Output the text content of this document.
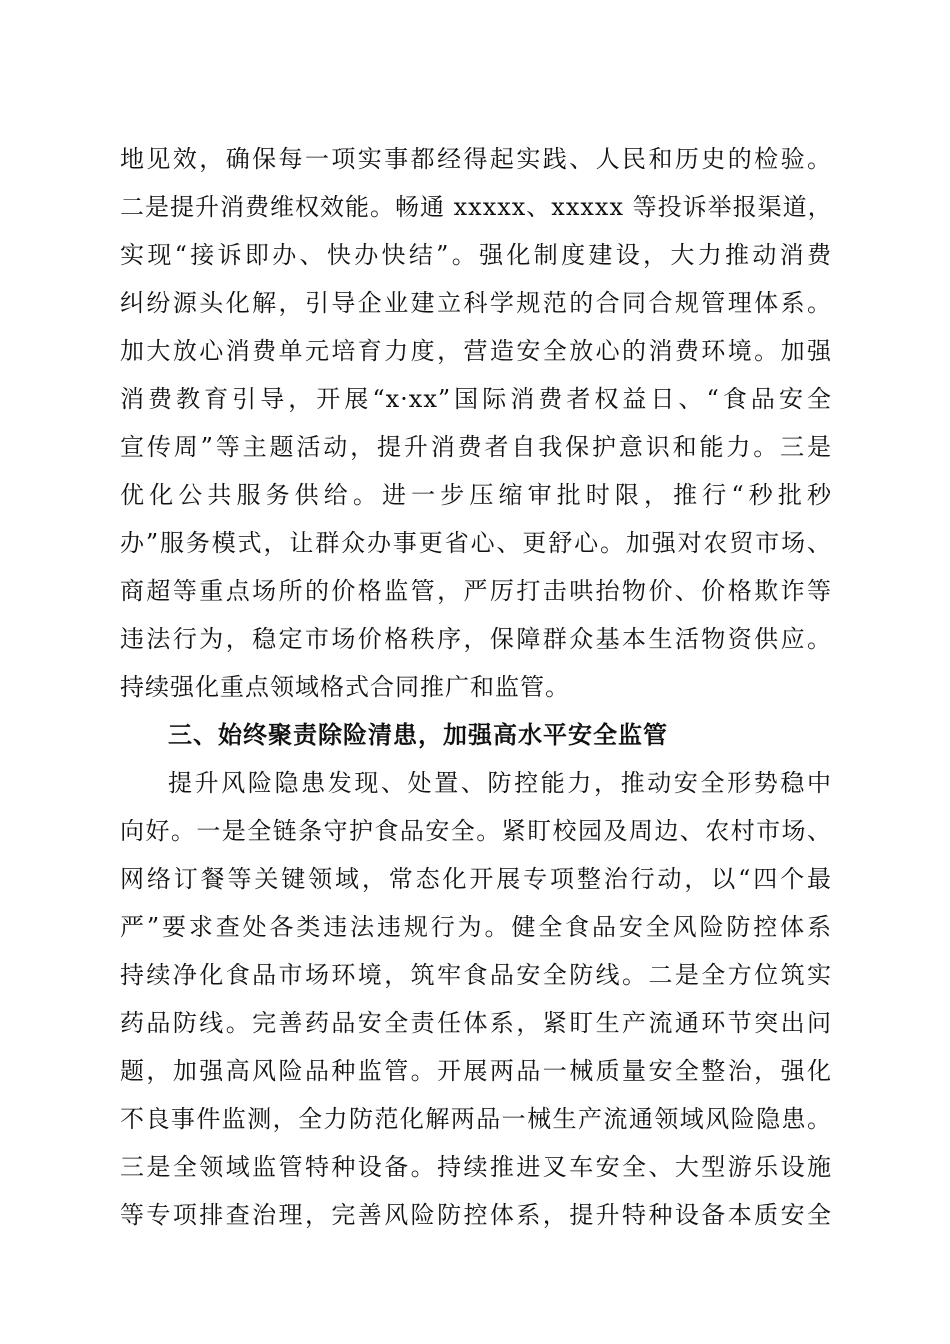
地见效，确保每一项实事都经得起实践、人民和历史的检验。
二是提升消费维权效能。畅通 xxxxx、xxxxx 等投诉举报渠道，
实现“接诉即办、快办快结”。强化制度建设，大力推动消费
纠纷源头化解，引导企业建立科学规范的合同合规管理体系。
加大放心消费单元培育力度，营造安全放心的消费环境。加强
消费教育引导，开展“x·xx”国际消费者权益日、“食品安全
宣传周”等主题活动，提升消费者自我保护意识和能力。三是
优化公共服务供给。进一步压缩审批时限，推行“秒批秒
办”服务模式，让群众办事更省心、更舒心。加强对农贸市场、
商超等重点场所的价格监管，严厉打击哄抬物价、价格欺诈等
违法行为，稳定市场价格秩序，保障群众基本生活物资供应。
持续强化重点领域格式合同推广和监管。
三、始终聚责除险清患，加强高水平安全监管
提升风险隐患发现、处置、防控能力，推动安全形势稳中
向好。一是全链条守护食品安全。紧盯校园及周边、农村市场、
网络订餐等关键领域，常态化开展专项整治行动，以“四个最
严”要求查处各类违法违规行为。健全食品安全风险防控体系
持续净化食品市场环境，筑牢食品安全防线。二是全方位筑实
药品防线。完善药品安全责任体系，紧盯生产流通环节突出问
题，加强高风险品种监管。开展两品一械质量安全整治，强化
不良事件监测，全力防范化解两品一械生产流通领域风险隐患。
三是全领域监管特种设备。持续推进叉车安全、大型游乐设施
等专项排查治理，完善风险防控体系，提升特种设备本质安全
